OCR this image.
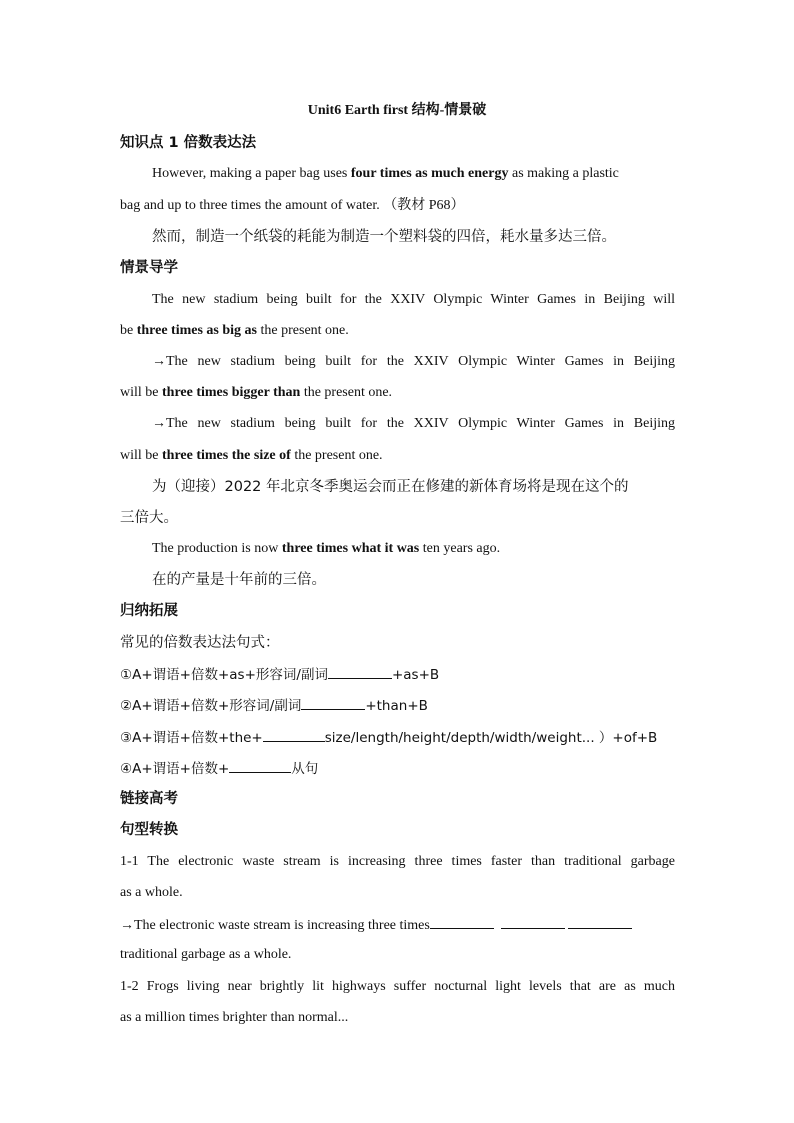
Unit6 Earth first 结构-情景破
知识点 1 倍数表达法
However, making a paper bag uses four times as much energy as making a plastic
bag and up to three times the amount of water. （教材 P68）
然而，制造一个纸袋的耗能为制造一个塑料袋的四倍，耗水量多达三倍。
情景导学
The new stadium being built for the XXIV Olympic Winter Games in Beijing will
be three times as big as the present one.
→The new stadium being built for the XXIV Olympic Winter Games in Beijing
will be three times bigger than the present one.
→The new stadium being built for the XXIV Olympic Winter Games in Beijing
will be three times the size of the present one.
为（迎接）2022 年北京冬季奥运会而正在修建的新体育场将是现在这个的
三倍大。
The production is now three times what it was ten years ago.
在的产量是十年前的三倍。
归纳拓展
常见的倍数表达法句式：
①A+谓语+倍数+as+形容词/副词	+as+B
②A+谓语+倍数+形容词/副词	+than+B
③A+谓语+倍数+the+	size/length/height/depth/width/weight... ）+of+B
④A+谓语+倍数+	从句
链接高考
句型转换
1-1 The electronic waste stream is increasing three times faster than traditional garbage
as a whole.
→The electronic waste stream is increasing three times
traditional garbage as a whole.
1-2 Frogs living near brightly lit highways suffer nocturnal light levels that are as much
as a million times brighter than normal...
